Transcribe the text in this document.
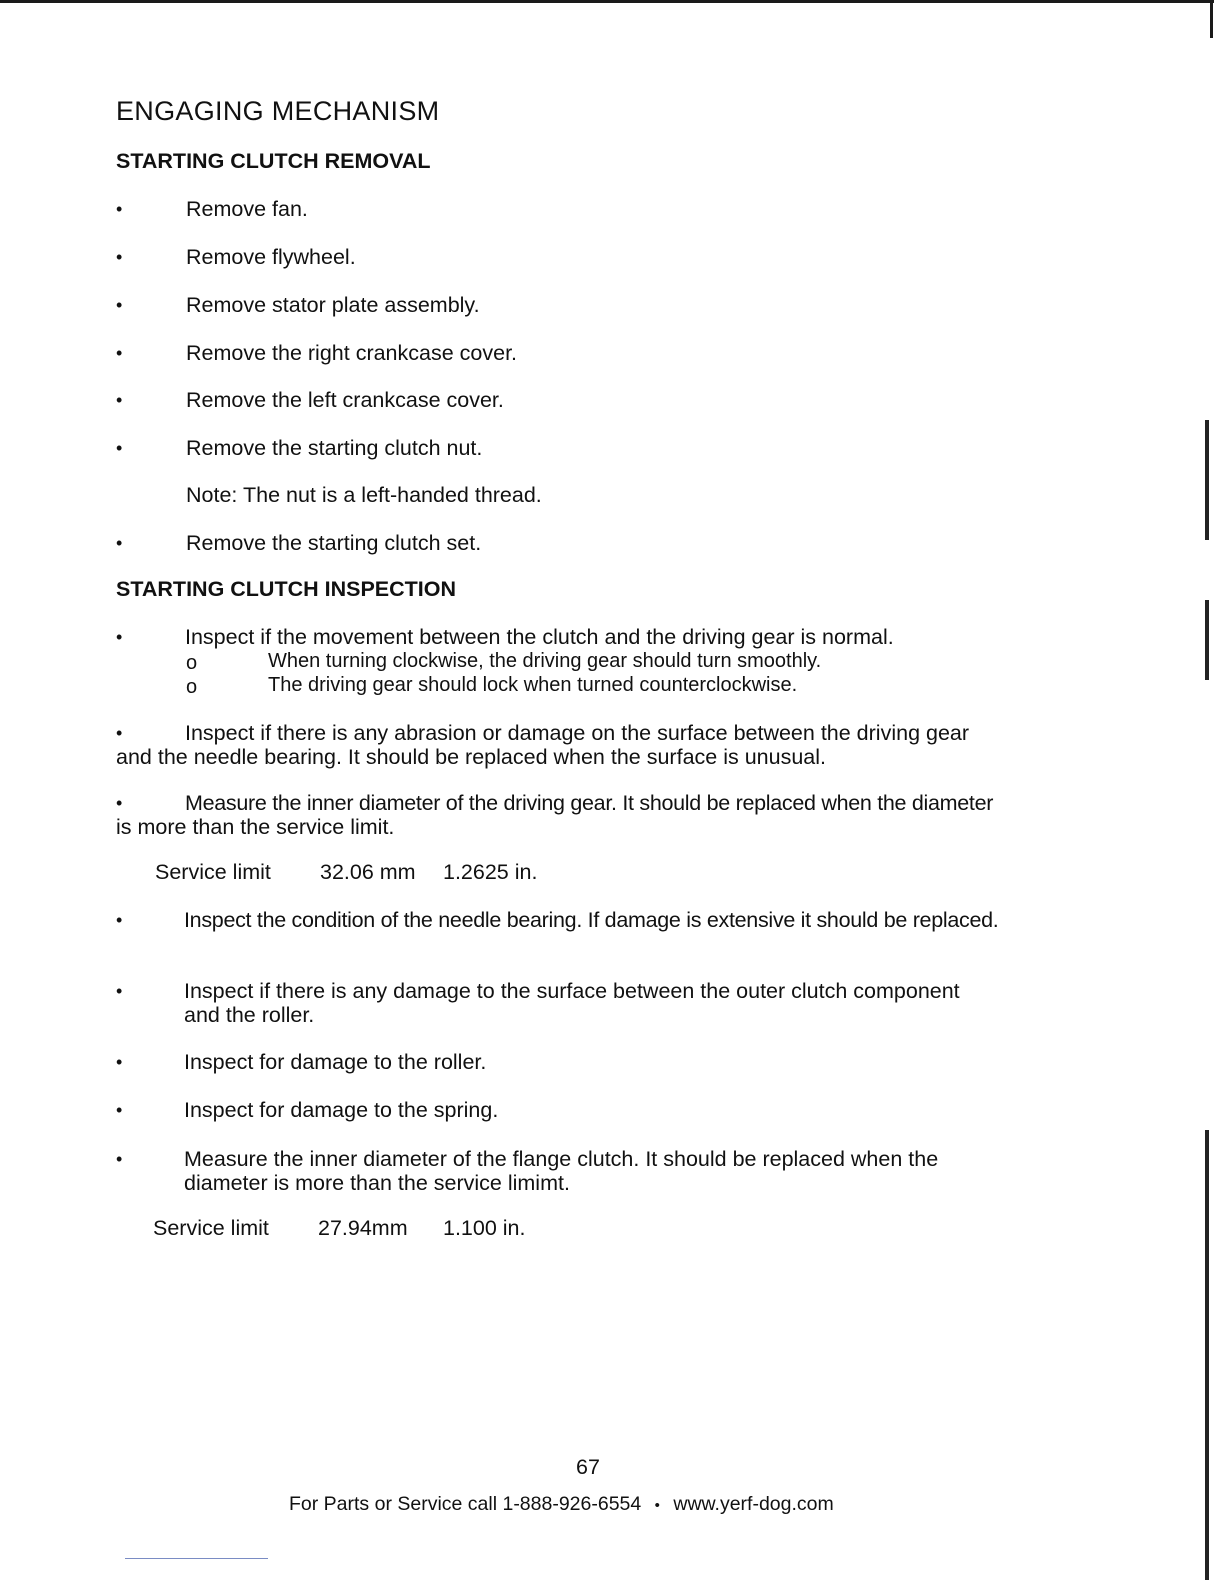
ENGAGING MECHANISM
STARTING CLUTCH REMOVAL
•	Remove fan.
•	Remove flywheel.
•	Remove stator plate assembly.
•	Remove the right crankcase cover.
•	Remove the left crankcase cover.
•	Remove the starting clutch nut.
Note: The nut is a left-handed thread.
•	Remove the starting clutch set.
STARTING CLUTCH INSPECTION
•	Inspect if the movement between the clutch and the driving gear is normal.
o	When turning clockwise, the driving gear should turn smoothly.
o	The driving gear should lock when turned counterclockwise.
•	Inspect if there is any abrasion or damage on the surface between the driving gear
and the needle bearing. It should be replaced when the surface is unusual.
•	Measure the inner diameter of the driving gear. It should be replaced when the diameter
is more than the service limit.
Service limit 32.06 mm 1.2625 in.
•	Inspect the condition of the needle bearing. If damage is extensive it should be replaced.
•	Inspect if there is any damage to the surface between the outer clutch component
and the roller.
•	Inspect for damage to the roller.
•	Inspect for damage to the spring.
•	Measure the inner diameter of the flange clutch. It should be replaced when the
diameter is more than the service limimt.
Service limit 27.94mm 1.100 in.
67
For Parts or Service call 1-888-926-6554 • www.yerf-dog.com
